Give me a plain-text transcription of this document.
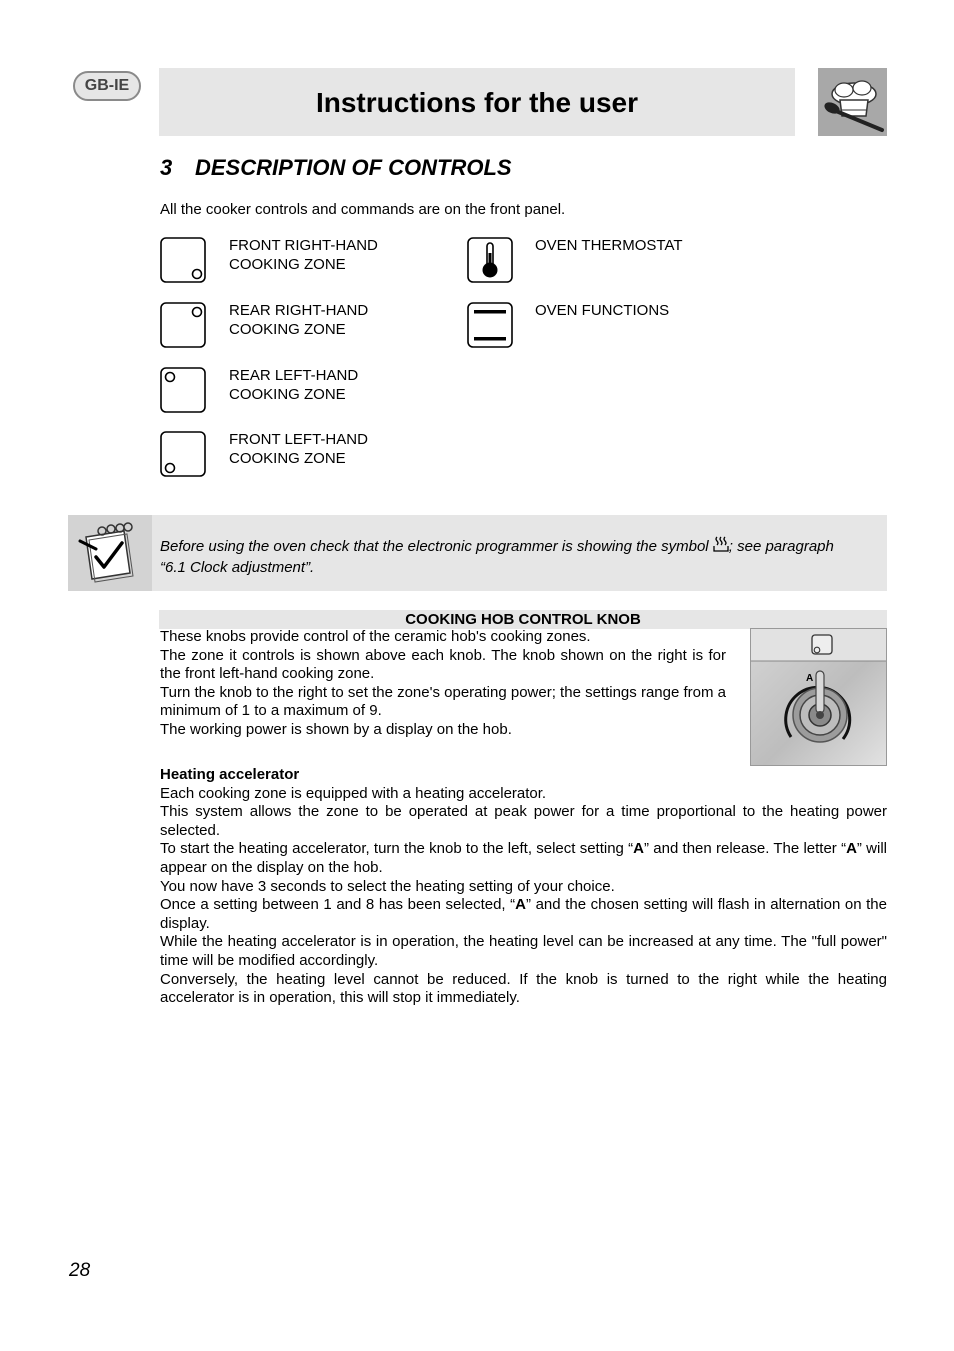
GB-IE
Instructions for the user
3 DESCRIPTION OF CONTROLS
All the cooker controls and commands are on the front panel.
FRONT RIGHT-HAND
COOKING ZONE
REAR RIGHT-HAND
COOKING ZONE
REAR LEFT-HAND
COOKING ZONE
FRONT LEFT-HAND
COOKING ZONE
OVEN THERMOSTAT
OVEN FUNCTIONS
Before using the oven check that the electronic programmer is showing the symbol ; see paragraph
“6.1 Clock adjustment”.
COOKING HOB CONTROL KNOB

These knobs provide control of the ceramic hob's cooking zones.

The zone it controls is shown above each knob. The knob shown on the right is for the front left-hand cooking zone.

Turn the knob to the right to set the zone's operating power; the settings range from a minimum of 1 to a maximum of 9.

The working power is shown by a display on the hob.

A

Heating accelerator

Each cooking zone is equipped with a heating accelerator.

This system allows the zone to be operated at peak power for a time proportional to the heating power selected.

To start the heating accelerator, turn the knob to the left, select setting “A” and then release. The letter “A” will appear on the display on the hob.

You now have 3 seconds to select the heating setting of your choice.

Once a setting between 1 and 8 has been selected, “A” and the chosen setting will flash in alternation on the display.

While the heating accelerator is in operation, the heating level can be increased at any time. The "full power" time will be modified accordingly.

Conversely, the heating level cannot be reduced. If the knob is turned to the right while the heating accelerator is in operation, this will stop it immediately.

28
